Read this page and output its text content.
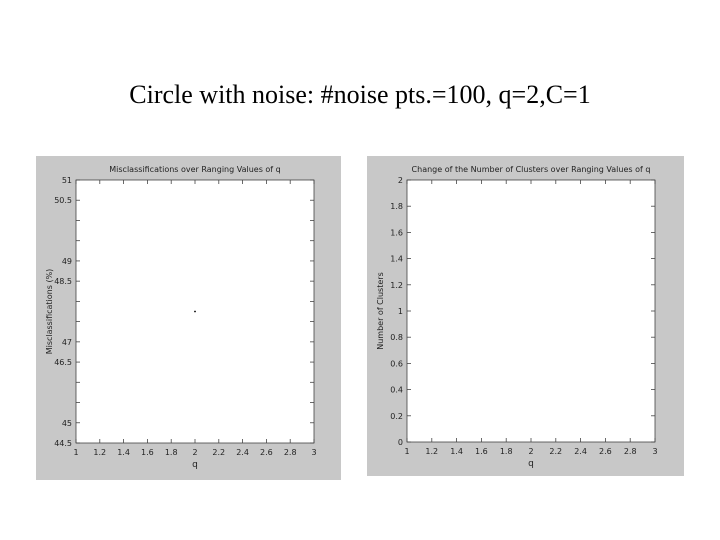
Circle with noise: #noise pts.=100, q=2,C=1
Misclassifications over Ranging Values of q
1 1.2 1.4 1.6 1.8 2 2.2 2.4 2.6 2.8 3
44.5
45
46.5
47
48.5
49
50.5
51
q
Misclassifications (%)
Change of the Number of Clusters over Ranging Values of q
1 1.2 1.4 1.6 1.8 2 2.2 2.4 2.6 2.8 3
0
0.2
0.4
0.6
0.8
1
1.2
1.4
1.6
1.8
2
q
Number of Clusters
